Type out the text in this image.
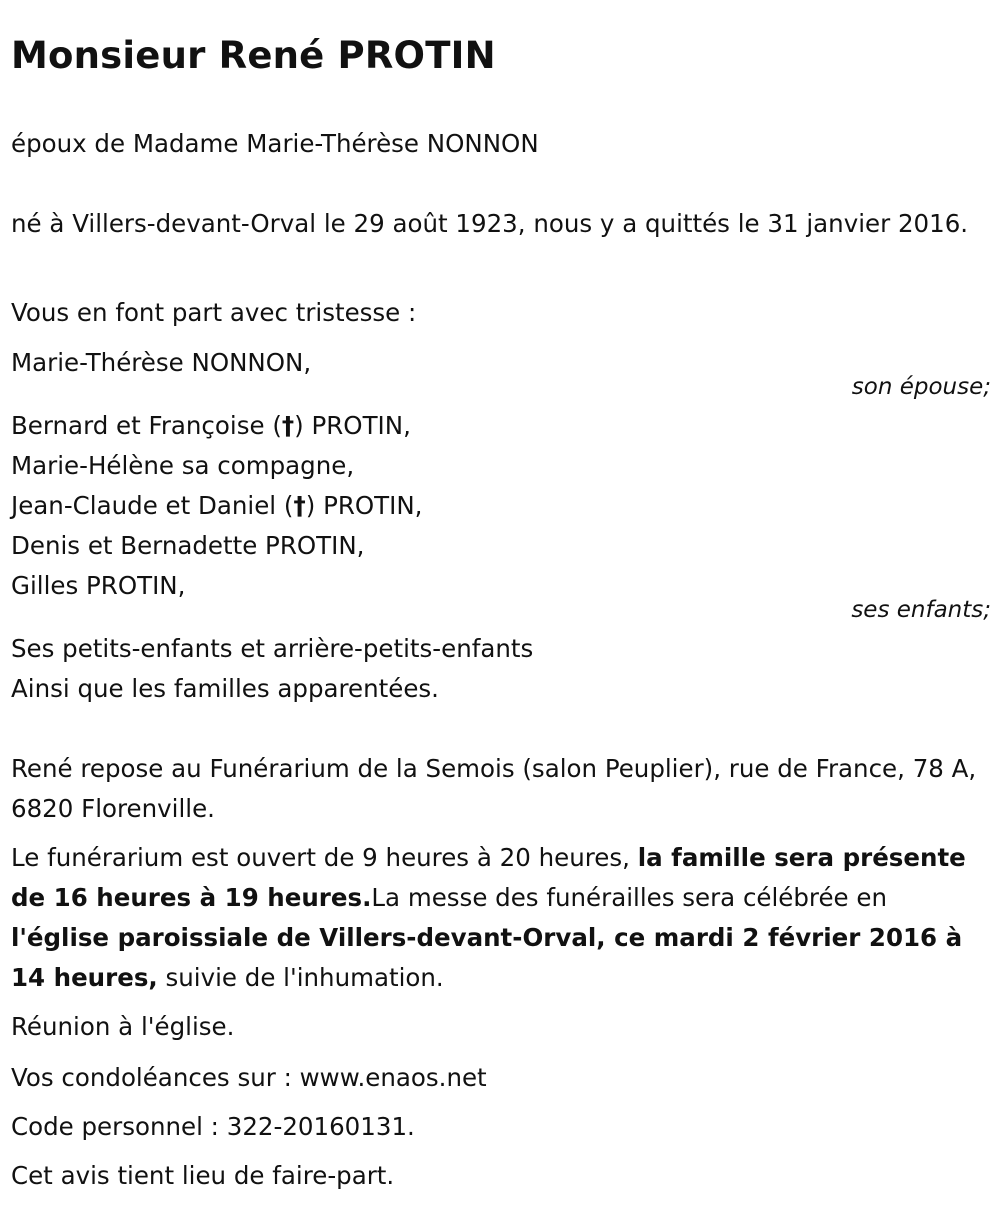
Monsieur René PROTIN
époux de Madame Marie-Thérèse NONNON
né à Villers-devant-Orval le 29 août 1923, nous y a quittés le 31 janvier 2016.
Vous en font part avec tristesse :
Marie-Thérèse NONNON,
son épouse;
Bernard et Françoise (†) PROTIN,
Marie-Hélène sa compagne,
Jean-Claude et Daniel (†) PROTIN,
Denis et Bernadette PROTIN,
Gilles PROTIN,
ses enfants;
Ses petits-enfants et arrière-petits-enfants
Ainsi que les familles apparentées.
René repose au Funérarium de la Semois (salon Peuplier), rue de France, 78 A, 6820 Florenville.
Le funérarium est ouvert de 9 heures à 20 heures, la famille sera présente de 16 heures à 19 heures.La messe des funérailles sera célébrée en l'église paroissiale de Villers-devant-Orval, ce mardi 2 février 2016 à 14 heures, suivie de l'inhumation.
Réunion à l'église.
Vos condoléances sur : www.enaos.net
Code personnel : 322-20160131.
Cet avis tient lieu de faire-part.
